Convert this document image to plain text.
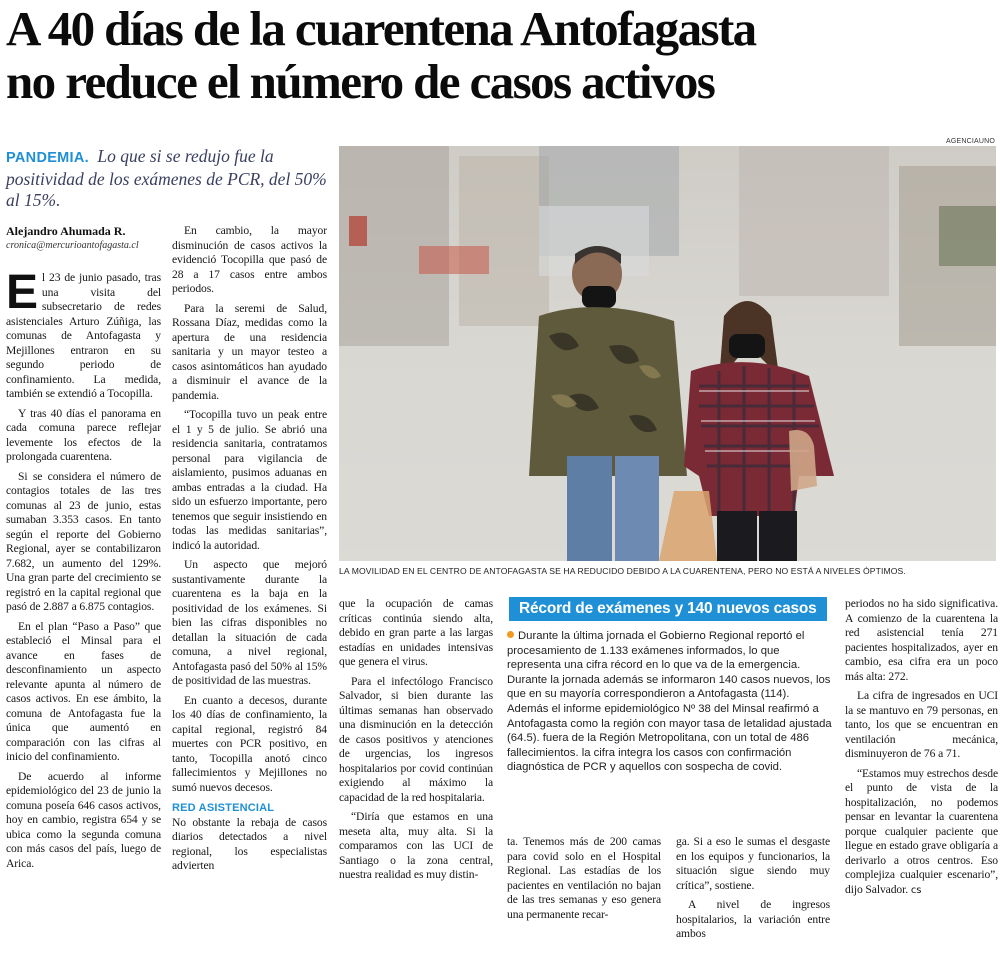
A 40 días de la cuarentena Antofagasta
no reduce el número de casos activos
PANDEMIA. Lo que si se redujo fue la positividad de los exámenes de PCR, del 50% al 15%.
Alejandro Ahumada R.
cronica@mercurioantofagasta.cl

El 23 de junio pasado, tras una visita del subsecretario de redes asistenciales Arturo Zúñiga, las comunas de Antofagasta y Mejillones entraron en su segundo periodo de confinamiento. La medida, también se extendió a Tocopilla.

Y tras 40 días el panorama en cada comuna parece reflejar levemente los efectos de la prolongada cuarentena.

Si se considera el número de contagios totales de las tres comunas al 23 de junio, estas sumaban 3.353 casos. En tanto según el reporte del Gobierno Regional, ayer se contabilizaron 7.682, un aumento del 129%. Una gran parte del crecimiento se registró en la capital regional que pasó de 2.887 a 6.875 contagios.

En el plan “Paso a Paso” que estableció el Minsal para el avance en fases de desconfinamiento un aspecto relevante apunta al número de casos activos. En ese ámbito, la comuna de Antofagasta fue la única que aumentó en comparación con las cifras al inicio del confinamiento.

De acuerdo al informe epidemiológico del 23 de junio la comuna poseía 646 casos activos, hoy en cambio, registra 654 y se ubica como la segunda comuna con más casos del país, luego de Arica.

En cambio, la mayor disminución de casos activos la evidenció Tocopilla que pasó de 28 a 17 casos entre ambos periodos.

Para la seremi de Salud, Rossana Díaz, medidas como la apertura de una residencia sanitaria y un mayor testeo a casos asintomáticos han ayudado a disminuir el avance de la pandemia.

“Tocopilla tuvo un peak entre el 1 y 5 de julio. Se abrió una residencia sanitaria, contratamos personal para vigilancia de aislamiento, pusimos aduanas en ambas entradas a la ciudad. Ha sido un esfuerzo importante, pero tenemos que seguir insistiendo en todas las medidas sanitarias”, indicó la autoridad.

Un aspecto que mejoró sustantivamente durante la cuarentena es la baja en la positividad de los exámenes. Si bien las cifras disponibles no detallan la situación de cada comuna, a nivel regional, Antofagasta pasó del 50% al 15% de positividad de las muestras.

En cuanto a decesos, durante los 40 días de confinamiento, la capital regional, registró 84 muertes con PCR positivo, en tanto, Tocopilla anotó cinco fallecimientos y Mejillones no sumó nuevos decesos.

RED ASISTENCIAL

No obstante la rebaja de casos diarios detectados a nivel regional, los especialistas advierten

AGENCIAUNO
LA MOVILIDAD EN EL CENTRO DE ANTOFAGASTA SE HA REDUCIDO DEBIDO A LA CUARENTENA, PERO NO ESTÁ A NIVELES ÓPTIMOS.

que la ocupación de camas críticas continúa siendo alta, debido en gran parte a las largas estadías en unidades intensivas que genera el virus.

Para el infectólogo Francisco Salvador, si bien durante las últimas semanas han observado una disminución en la detección de casos positivos y atenciones de urgencias, los ingresos hospitalarios por covid continúan exigiendo al máximo la capacidad de la red hospitalaria.

“Diría que estamos en una meseta alta, muy alta. Si la comparamos con las UCI de Santiago o la zona central, nuestra realidad es muy distin-

Récord de exámenes y 140 nuevos casos
Durante la última jornada el Gobierno Regional reportó el procesamiento de 1.133 exámenes informados, lo que representa una cifra récord en lo que va de la emergencia. Durante la jornada además se informaron 140 casos nuevos, los que en su mayoría correspondieron a Antofagasta (114). Además el informe epidemiológico Nº 38 del Minsal reafirmó a Antofagasta como la región con mayor tasa de letalidad ajustada (64.5). fuera de la Región Metropolitana, con un total de 486 fallecimientos. la cifra integra los casos con confirmación diagnóstica de PCR y aquellos con sospecha de covid.

ta. Tenemos más de 200 camas para covid solo en el Hospital Regional. Las estadías de los pacientes en ventilación no bajan de las tres semanas y eso genera una permanente recar-

ga. Si a eso le sumas el desgaste en los equipos y funcionarios, la situación sigue siendo muy crítica”, sostiene.

A nivel de ingresos hospitalarios, la variación entre ambos

periodos no ha sido significativa. A comienzo de la cuarentena la red asistencial tenía 271 pacientes hospitalizados, ayer en cambio, esa cifra era un poco más alta: 272.

La cifra de ingresados en UCI la se mantuvo en 79 personas, en tanto, los que se encuentran en ventilación mecánica, disminuyeron de 76 a 71.

“Estamos muy estrechos desde el punto de vista de la hospitalización, no podemos pensar en levantar la cuarentena porque cualquier paciente que llegue en estado grave obligaría a derivarlo a otros centros. Eso complejiza cualquier escenario”, dijo Salvador. cs
